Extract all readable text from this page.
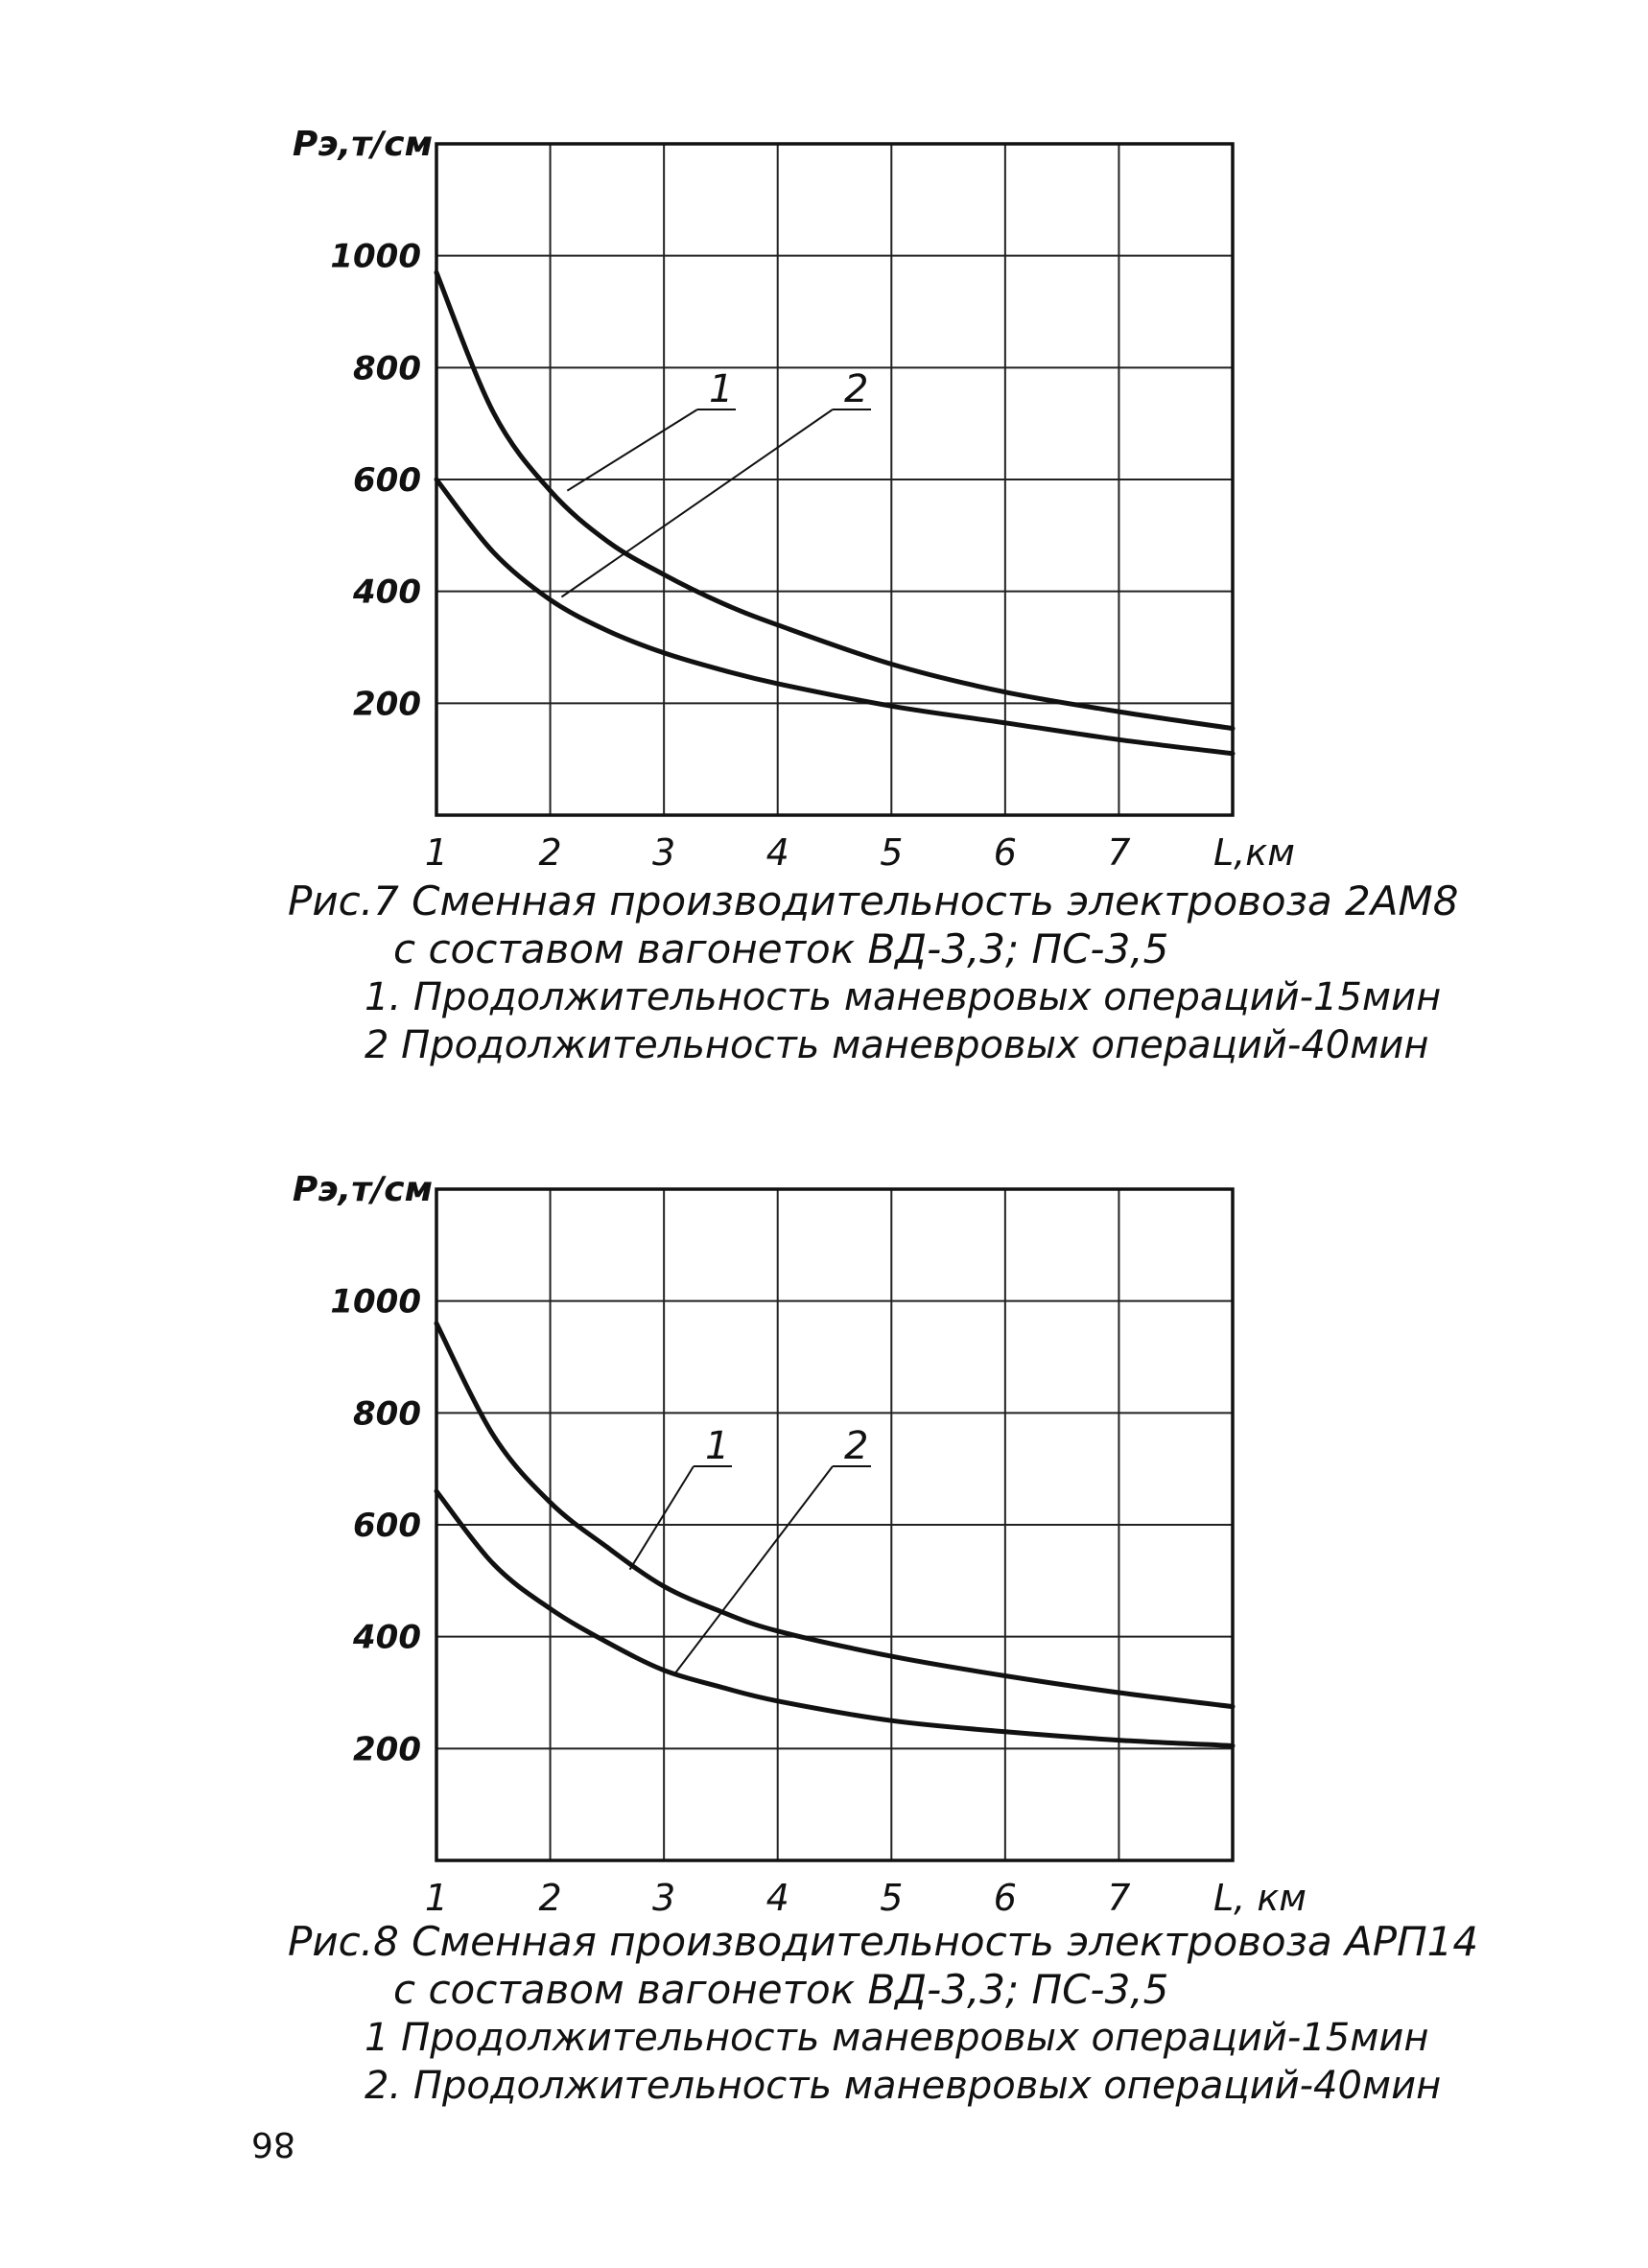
200
400
600
800
1000
1 2 3 4 5 6 7
Pэ,т/см
L,км
1	2

Рис.7 Сменная производительность электровоза 2АМ8

с составом вагонеток ВД-3,3; ПС-3,5

1. Продолжительность маневровых операций-15мин

2 Продолжительность маневровых операций-40мин

200
400
600
800
1000
1 2 3 4 5 6 7
Pэ,т/см
L, км
1	2

Рис.8 Сменная производительность электровоза АРП14

с составом вагонеток ВД-3,3; ПС-3,5

1 Продолжительность маневровых операций-15мин

2. Продолжительность маневровых операций-40мин

86
